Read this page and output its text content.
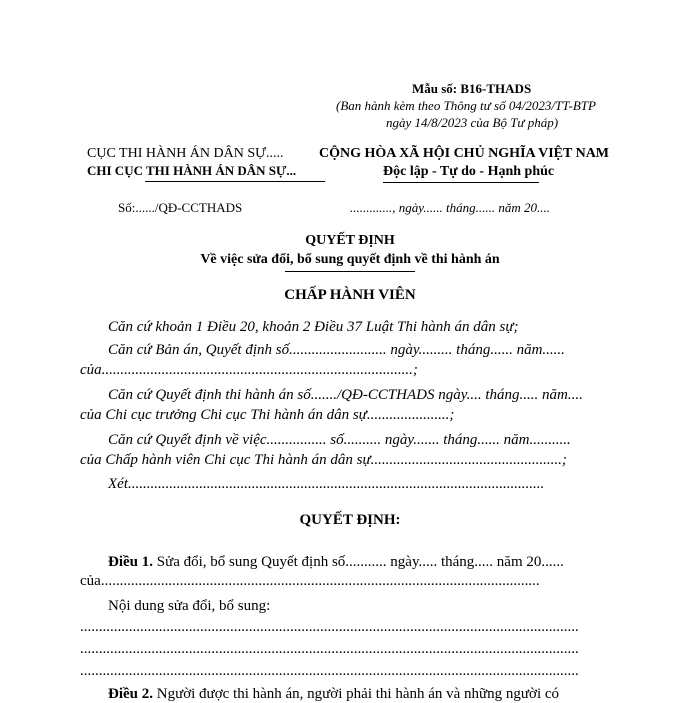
Mẫu số: B16-THADS
(Ban hành kèm theo Thông tư số 04/2023/TT-BTP
ngày 14/8/2023 của Bộ Tư pháp)
CỤC THI HÀNH ÁN DÂN SỰ.....
CHI CỤC THI HÀNH ÁN DÂN SỰ...
CỘNG HÒA XÃ HỘI CHỦ NGHĨA VIỆT NAM
Độc lập - Tự do - Hạnh phúc
Số:....../QĐ-CCTHADS	............., ngày...... tháng...... năm 20....
QUYẾT ĐỊNH
Về việc sửa đổi, bổ sung quyết định về thi hành án
CHẤP HÀNH VIÊN
Căn cứ khoản 1 Điều 20, khoản 2 Điều 37 Luật Thi hành án dân sự;
Căn cứ Bản án, Quyết định số.......................... ngày......... tháng...... năm......
của...................................................................................;
Căn cứ Quyết định thi hành án số......./QĐ-CCTHADS ngày.... tháng..... năm....
của Chi cục trưởng Chi cục Thi hành án dân sự......................;
Căn cứ Quyết định về việc................ số.......... ngày....... tháng...... năm...........
của Chấp hành viên Chi cục Thi hành án dân sự...................................................;
Xét...............................................................................................................
QUYẾT ĐỊNH:
Điều 1. Sửa đổi, bổ sung Quyết định số........... ngày..... tháng..... năm 20......
của.....................................................................................................................
Nội dung sửa đổi, bổ sung:
.....................................................................................................................................
.....................................................................................................................................
.....................................................................................................................................
Điều 2. Người được thi hành án, người phải thi hành án và những người có
